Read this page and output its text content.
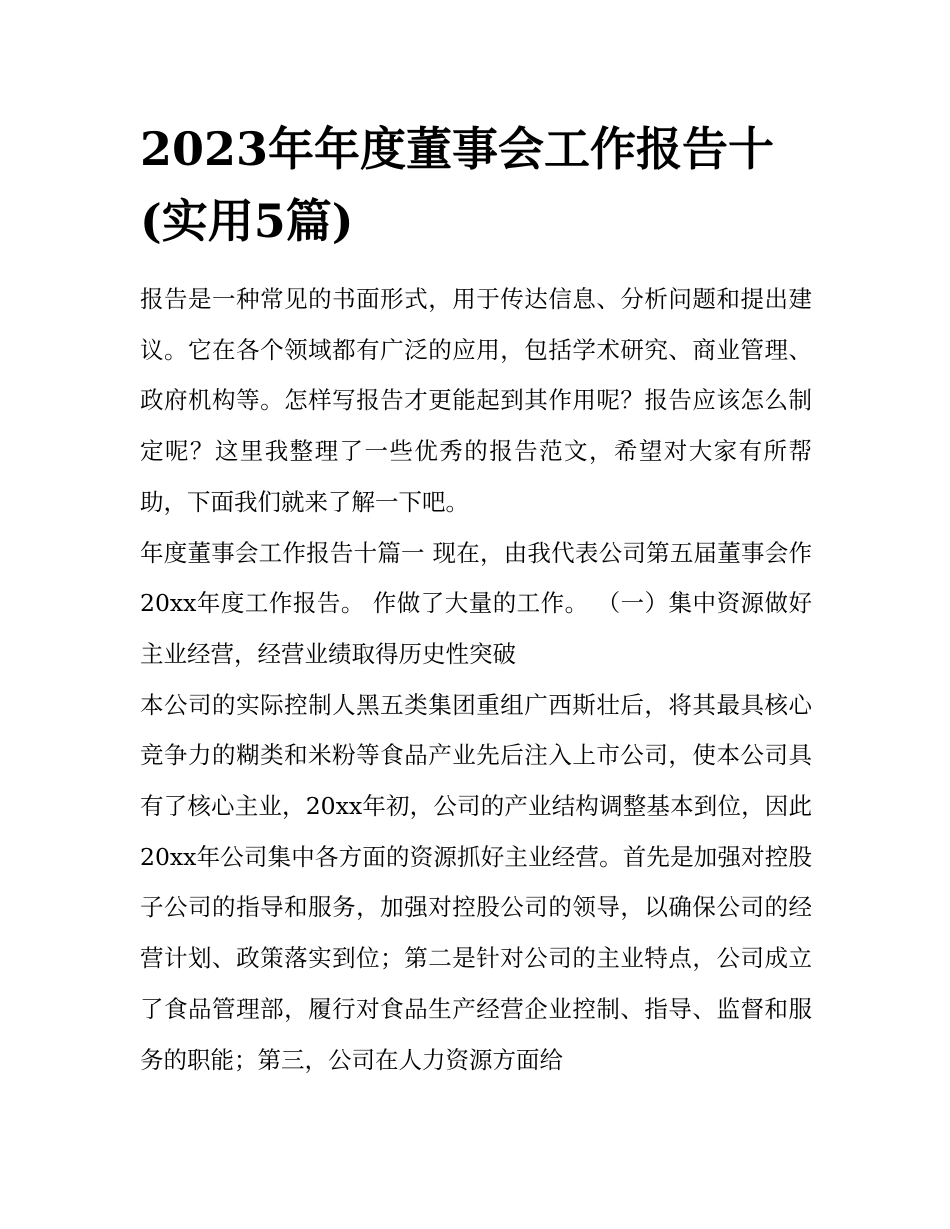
2023年年度董事会工作报告十(实用5篇)

报告是一种常见的书面形式，用于传达信息、分析问题和提出建议。它在各个领域都有广泛的应用，包括学术研究、商业管理、政府机构等。怎样写报告才更能起到其作用呢？报告应该怎么制定呢？这里我整理了一些优秀的报告范文，希望对大家有所帮助，下面我们就来了解一下吧。

年度董事会工作报告十篇一 现在，由我代表公司第五届董事会作20xx年度工作报告。 作做了大量的工作。 （一）集中资源做好主业经营，经营业绩取得历史性突破

本公司的实际控制人黑五类集团重组广西斯壮后，将其最具核心竞争力的糊类和米粉等食品产业先后注入上市公司，使本公司具有了核心主业，20xx年初，公司的产业结构调整基本到位，因此20xx年公司集中各方面的资源抓好主业经营。首先是加强对控股子公司的指导和服务，加强对控股公司的领导，以确保公司的经营计划、政策落实到位；第二是针对公司的主业特点，公司成立了食品管理部，履行对食品生产经营企业控制、指导、监督和服务的职能；第三，公司在人力资源方面给
